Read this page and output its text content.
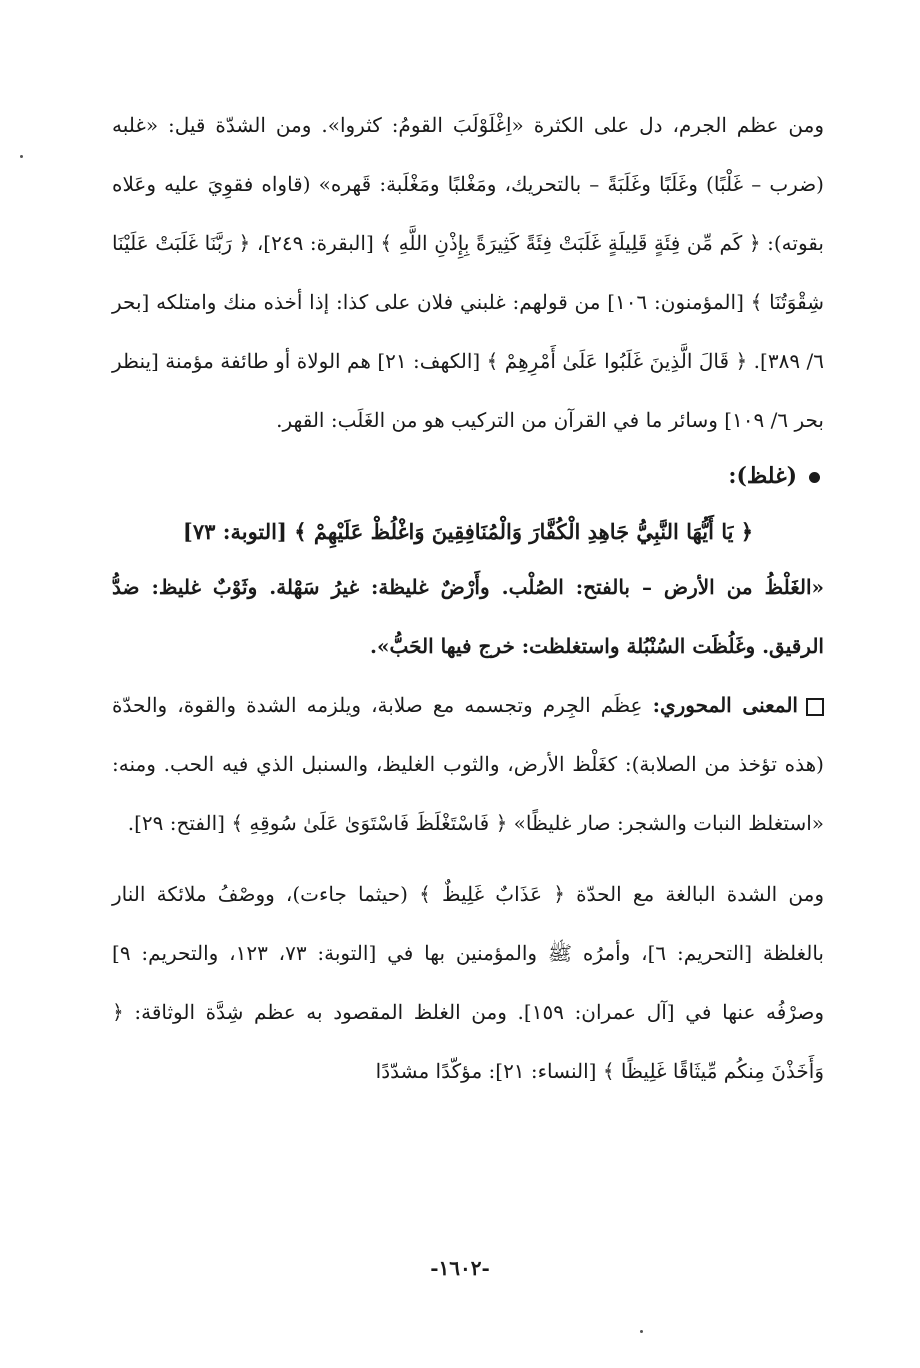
ومن عظم الجرم، دل على الكثرة «اِغْلَوْلَبَ القومُ: كثروا». ومن الشدّة قيل: «غلبه (ضرب – غَلْبًا) وغَلَبًا وغَلَبَةً – بالتحريك، ومَغْلبًا ومَغْلَبة: قَهره» (قاواه فقوِيَ عليه وعَلاه بقوته): ﴿ كَم مِّن فِئَةٍ قَلِيلَةٍ غَلَبَتْ فِئَةً كَثِيرَةً بِإِذْنِ اللَّهِ ﴾ [البقرة: ٢٤٩]، ﴿ رَبَّنَا غَلَبَتْ عَلَيْنَا شِقْوَتُنَا ﴾ [المؤمنون: ١٠٦] من قولهم: غلبني فلان على كذا: إذا أخذه منك وامتلكه [بحر ٦/ ٣٨٩]. ﴿ قَالَ الَّذِينَ غَلَبُوا عَلَىٰ أَمْرِهِمْ ﴾ [الكهف: ٢١] هم الولاة أو طائفة مؤمنة [ينظر بحر ٦/ ١٠٩] وسائر ما في القرآن من التركيب هو من الغَلَب: القهر.

(غلظ):

﴿ يَا أَيُّهَا النَّبِيُّ جَاهِدِ الْكُفَّارَ وَالْمُنَافِقِينَ وَاغْلُظْ عَلَيْهِمْ ﴾ [التوبة: ٧٣]

«الغَلْظُ من الأرض – بالفتح: الصُلْب. وأَرْضٌ غليظة: غيرُ سَهْلة. وثَوْبٌ غليظ: ضدُّ الرقيق. وغَلُظَت السُنْبُلة واستغلظت: خرج فيها الحَبُّ».

المعنى المحوري: عِظَم الجِرم وتجسمه مع صلابة، ويلزمه الشدة والقوة، والحدّة (هذه تؤخذ من الصلابة): كغَلْظ الأرض، والثوب الغليظ، والسنبل الذي فيه الحب. ومنه: «استغلظ النبات والشجر: صار غليظًا» ﴿ فَاسْتَغْلَظَ فَاسْتَوَىٰ عَلَىٰ سُوقِهِ ﴾ [الفتح: ٢٩].

ومن الشدة البالغة مع الحدّة ﴿ عَذَابٌ غَلِيظٌ ﴾ (حيثما جاءت)، ووصْفُ ملائكة النار بالغلظة [التحريم: ٦]، وأمرُه ﷺ والمؤمنين بها في [التوبة: ٧٣، ١٢٣، والتحريم: ٩] وصرْفُه عنها في [آل عمران: ١٥٩]. ومن الغلظ المقصود به عظم شِدَّة الوثاقة: ﴿ وَأَخَذْنَ مِنكُم مِّيثَاقًا غَلِيظًا ﴾ [النساء: ٢١]: مؤكّدًا مشدّدًا

-١٦٠٢-
